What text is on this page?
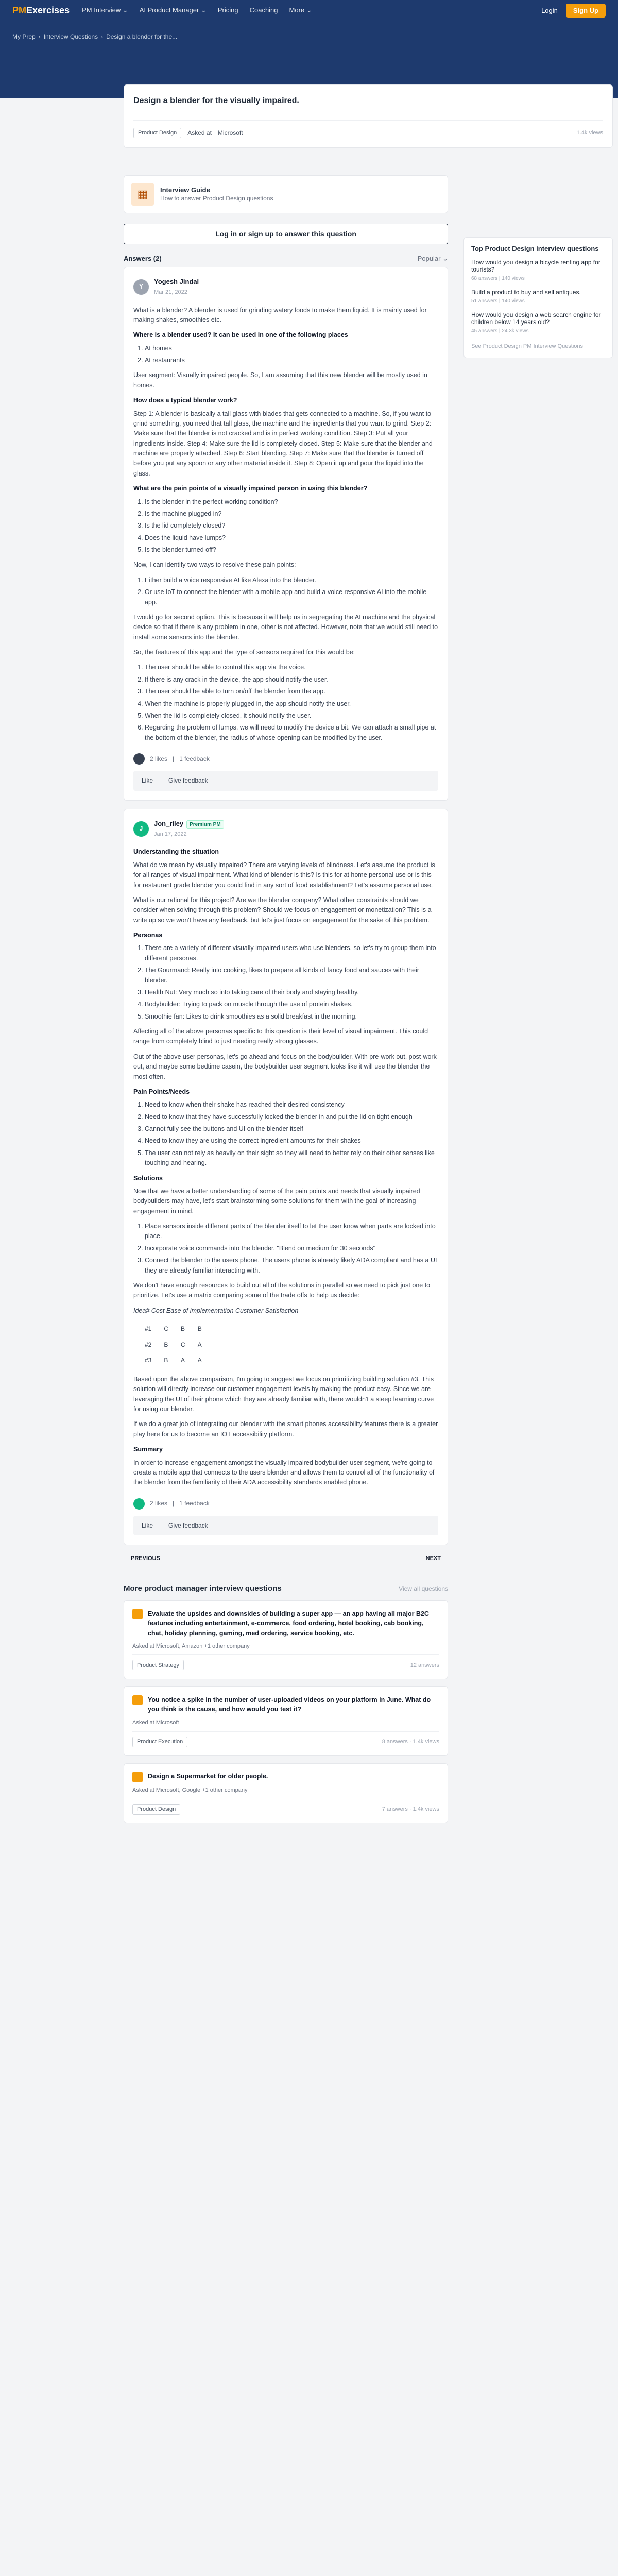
PMExercises PM Interview ⌄ AI Product Manager ⌄ Pricing Coaching More ⌄	Login	Sign Up
My Prep › Interview Questions › Design a blender for the...
Design a blender for the visually impaired.
Product Design	Asked at Microsoft	1.4k views
▦	Interview Guide
How to answer Product Design questions
Log in or sign up to answer this question
Answers (2)	Popular ⌄
Y
Yogesh Jindal
Mar 21, 2022

What is a blender? A blender is used for grinding watery foods to make them liquid. It is mainly used for making shakes, smoothies etc.

Where is a blender used? It can be used in one of the following places
1. At homes
2. At restaurants

User segment: Visually impaired people. So, I am assuming that this new blender will be mostly used in homes.

How does a typical blender work?

Step 1: A blender is basically a tall glass with blades that gets connected to a machine. So, if you want to grind something, you need that tall glass, the machine and the ingredients that you want to grind. Step 2: Make sure that the blender is not cracked and is in perfect working condition. Step 3: Put all your ingredients inside. Step 4: Make sure the lid is completely closed. Step 5: Make sure that the blender and machine are properly attached. Step 6: Start blending. Step 7: Make sure that the blender is turned off before you put any spoon or any other material inside it. Step 8: Open it up and pour the liquid into the glass.

What are the pain points of a visually impaired person in using this blender?
1. Is the blender in the perfect working condition?
2. Is the machine plugged in?
3. Is the lid completely closed?
4. Does the liquid have lumps?
5. Is the blender turned off?

Now, I can identify two ways to resolve these pain points:

1. Either build a voice responsive AI like Alexa into the blender.
2. Or use IoT to connect the blender with a mobile app and build a voice responsive AI into the mobile app.

I would go for second option. This is because it will help us in segregating the AI machine and the physical device so that if there is any problem in one, other is not affected. However, note that we would still need to install some sensors into the blender.

So, the features of this app and the type of sensors required for this would be:

1. The user should be able to control this app via the voice.
2. If there is any crack in the device, the app should notify the user.
3. The user should be able to turn on/off the blender from the app.
4. When the machine is properly plugged in, the app should notify the user.
5. When the lid is completely closed, it should notify the user.
6. Regarding the problem of lumps, we will need to modify the device a bit. We can attach a small pipe at the bottom of the blender, the radius of whose opening can be modified by the user.
2 likes | 1 feedback
Like	Give feedback
J
Jon_riley Premium PM
Jan 17, 2022
Understanding the situation

What do we mean by visually impaired? There are varying levels of blindness. Let's assume the product is for all ranges of visual impairment. What kind of blender is this? Is this for at home personal use or is this for restaurant grade blender you could find in any sort of food establishment? Let's assume personal use.

What is our rational for this project? Are we the blender company? What other constraints should we consider when solving through this problem? Should we focus on engagement or monetization? This is a write up so we won't have any feedback, but let's just focus on engagement for the sake of this problem.

Personas
1. There are a variety of different visually impaired users who use blenders, so let's try to group them into different personas.
2. The Gourmand: Really into cooking, likes to prepare all kinds of fancy food and sauces with their blender.
3. Health Nut: Very much so into taking care of their body and staying healthy.
4. Bodybuilder: Trying to pack on muscle through the use of protein shakes.
5. Smoothie fan: Likes to drink smoothies as a solid breakfast in the morning.

Affecting all of the above personas specific to this question is their level of visual impairment. This could range from completely blind to just needing really strong glasses.

Out of the above user personas, let's go ahead and focus on the bodybuilder. With pre-work out, post-work out, and maybe some bedtime casein, the bodybuilder user segment looks like it will use the blender the most often.

Pain Points/Needs
1. Need to know when their shake has reached their desired consistency
2. Need to know that they have successfully locked the blender in and put the lid on tight enough
3. Cannot fully see the buttons and UI on the blender itself
4. Need to know they are using the correct ingredient amounts for their shakes
5. The user can not rely as heavily on their sight so they will need to better rely on their other senses like touching and hearing.
Solutions

Now that we have a better understanding of some of the pain points and needs that visually impaired bodybuilders may have, let's start brainstorming some solutions for them with the goal of increasing engagement in mind.

1. Place sensors inside different parts of the blender itself to let the user know when parts are locked into place.
2. Incorporate voice commands into the blender, "Blend on medium for 30 seconds"
3. Connect the blender to the users phone. The users phone is already likely ADA compliant and has a UI they are already familiar interacting with.

We don't have enough resources to build out all of the solutions in parallel so we need to pick just one to prioritize. Let's use a matrix comparing some of the trade offs to help us decide:

Idea# Cost Ease of implementation Customer Satisfaction

#1	C	B	B
#2	B	C	A
#3	B	A	A

Based upon the above comparison, I'm going to suggest we focus on prioritizing building solution #3. This solution will directly increase our customer engagement levels by making the product easy. Since we are leveraging the UI of their phone which they are already familiar with, there wouldn't a steep learning curve for using our blender.

If we do a great job of integrating our blender with the smart phones accessibility features there is a greater play here for us to become an IOT accessibility platform.

Summary

In order to increase engagement amongst the visually impaired bodybuilder user segment, we're going to create a mobile app that connects to the users blender and allows them to control all of the functionality of the blender from the familiarity of their ADA accessibility standards enabled phone.

2 likes | 1 feedback
Like	Give feedback
PREVIOUS	NEXT
More product manager interview questions	View all questions
Evaluate the upsides and downsides of building a super app — an app having all major B2C features including entertainment, e-commerce, food ordering, hotel booking, cab booking, chat, holiday planning, gaming, med ordering, service booking, etc.
Asked at Microsoft, Amazon +1 other company
Product Strategy	12 answers
You notice a spike in the number of user-uploaded videos on your platform in June. What do you think is the cause, and how would you test it?
Asked at Microsoft
Product Execution	8 answers · 1.4k views
Design a Supermarket for older people.
Asked at Microsoft, Google +1 other company
Product Design	7 answers · 1.4k views
Top Product Design interview questions
How would you design a bicycle renting app for tourists?
68 answers | 140 views
Build a product to buy and sell antiques.
51 answers | 140 views
How would you design a web search engine for children below 14 years old?
45 answers | 24.3k views
See Product Design PM Interview Questions
